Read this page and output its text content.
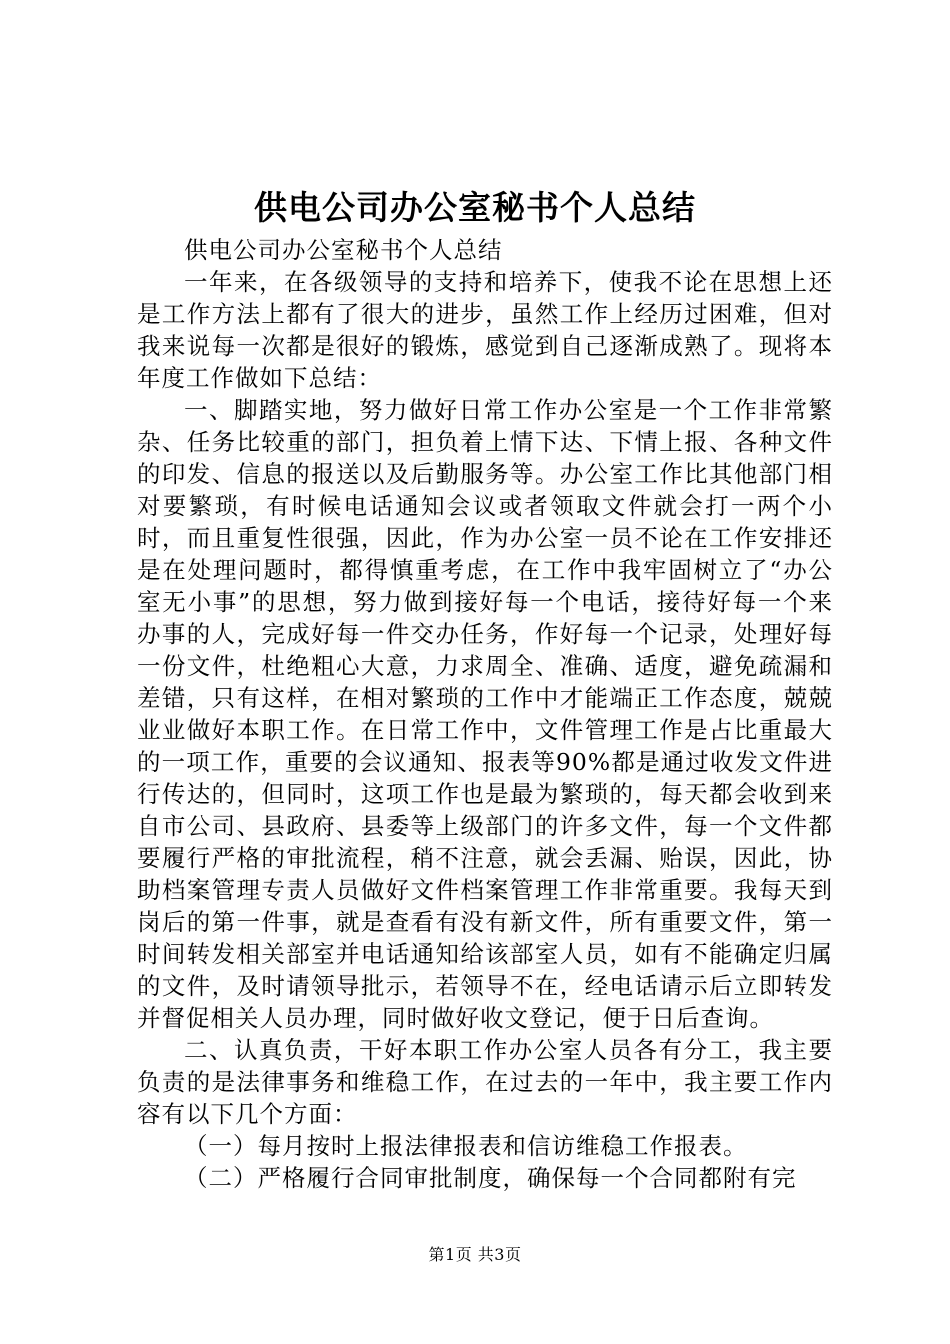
供电公司办公室秘书个人总结

供电公司办公室秘书个人总结

一年来，在各级领导的支持和培养下，使我不论在思想上还是工作方法上都有了很大的进步，虽然工作上经历过困难，但对我来说每一次都是很好的锻炼，感觉到自己逐渐成熟了。现将本年度工作做如下总结：

一、脚踏实地，努力做好日常工作办公室是一个工作非常繁杂、任务比较重的部门，担负着上情下达、下情上报、各种文件的印发、信息的报送以及后勤服务等。办公室工作比其他部门相对要繁琐，有时候电话通知会议或者领取文件就会打一两个小时，而且重复性很强，因此，作为办公室一员不论在工作安排还是在处理问题时，都得慎重考虑，在工作中我牢固树立了“办公室无小事”的思想，努力做到接好每一个电话，接待好每一个来办事的人，完成好每一件交办任务，作好每一个记录，处理好每一份文件，杜绝粗心大意，力求周全、准确、适度，避免疏漏和差错，只有这样，在相对繁琐的工作中才能端正工作态度，兢兢业业做好本职工作。在日常工作中，文件管理工作是占比重最大的一项工作，重要的会议通知、报表等90%都是通过收发文件进行传达的，但同时，这项工作也是最为繁琐的，每天都会收到来自市公司、县政府、县委等上级部门的许多文件，每一个文件都要履行严格的审批流程，稍不注意，就会丢漏、贻误，因此，协助档案管理专责人员做好文件档案管理工作非常重要。我每天到岗后的第一件事，就是查看有没有新文件，所有重要文件，第一时间转发相关部室并电话通知给该部室人员，如有不能确定归属的文件，及时请领导批示，若领导不在，经电话请示后立即转发并督促相关人员办理，同时做好收文登记，便于日后查询。

二、认真负责，干好本职工作办公室人员各有分工，我主要负责的是法律事务和维稳工作，在过去的一年中，我主要工作内容有以下几个方面：

（一）每月按时上报法律报表和信访维稳工作报表。

（二）严格履行合同审批制度，确保每一个合同都附有完

第1页 共3页
